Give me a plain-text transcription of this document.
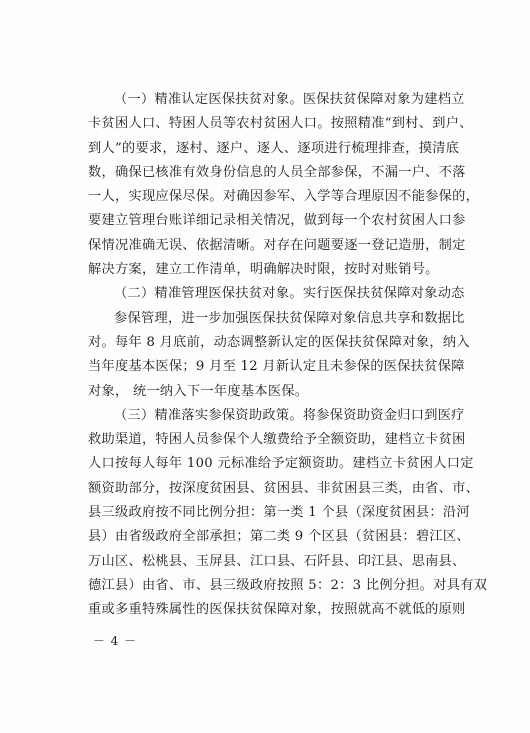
（一）精准认定医保扶贫对象。医保扶贫保障对象为建档立
卡贫困人口、特困人员等农村贫困人口。按照精准“到村、到户、
到人”的要求，逐村、逐户、逐人、逐项进行梳理排查，摸清底
数，确保已核准有效身份信息的人员全部参保，不漏一户、不落
一人，实现应保尽保。对确因参军、入学等合理原因不能参保的，
要建立管理台账详细记录相关情况，做到每一个农村贫困人口参
保情况准确无误、依据清晰。对存在问题要逐一登记造册，制定
解决方案，建立工作清单，明确解决时限，按时对账销号。
（二）精准管理医保扶贫对象。实行医保扶贫保障对象动态
参保管理，进一步加强医保扶贫保障对象信息共享和数据比
对。每年 8 月底前，动态调整新认定的医保扶贫保障对象，纳入
当年度基本医保；9 月至 12 月新认定且未参保的医保扶贫保障
对象， 统一纳入下一年度基本医保。
（三）精准落实参保资助政策。将参保资助资金归口到医疗
救助渠道，特困人员参保个人缴费给予全额资助，建档立卡贫困
人口按每人每年 100 元标准给予定额资助。建档立卡贫困人口定
额资助部分，按深度贫困县、贫困县、非贫困县三类，由省、市、
县三级政府按不同比例分担：第一类 1 个县（深度贫困县：沿河
县）由省级政府全部承担；第二类 9 个区县（贫困县：碧江区、
万山区、松桃县、玉屏县、江口县、石阡县、印江县、思南县、
德江县）由省、市、县三级政府按照 5：2：3 比例分担。对具有双
重或多重特殊属性的医保扶贫保障对象，按照就高不就低的原则
－ 4 －
